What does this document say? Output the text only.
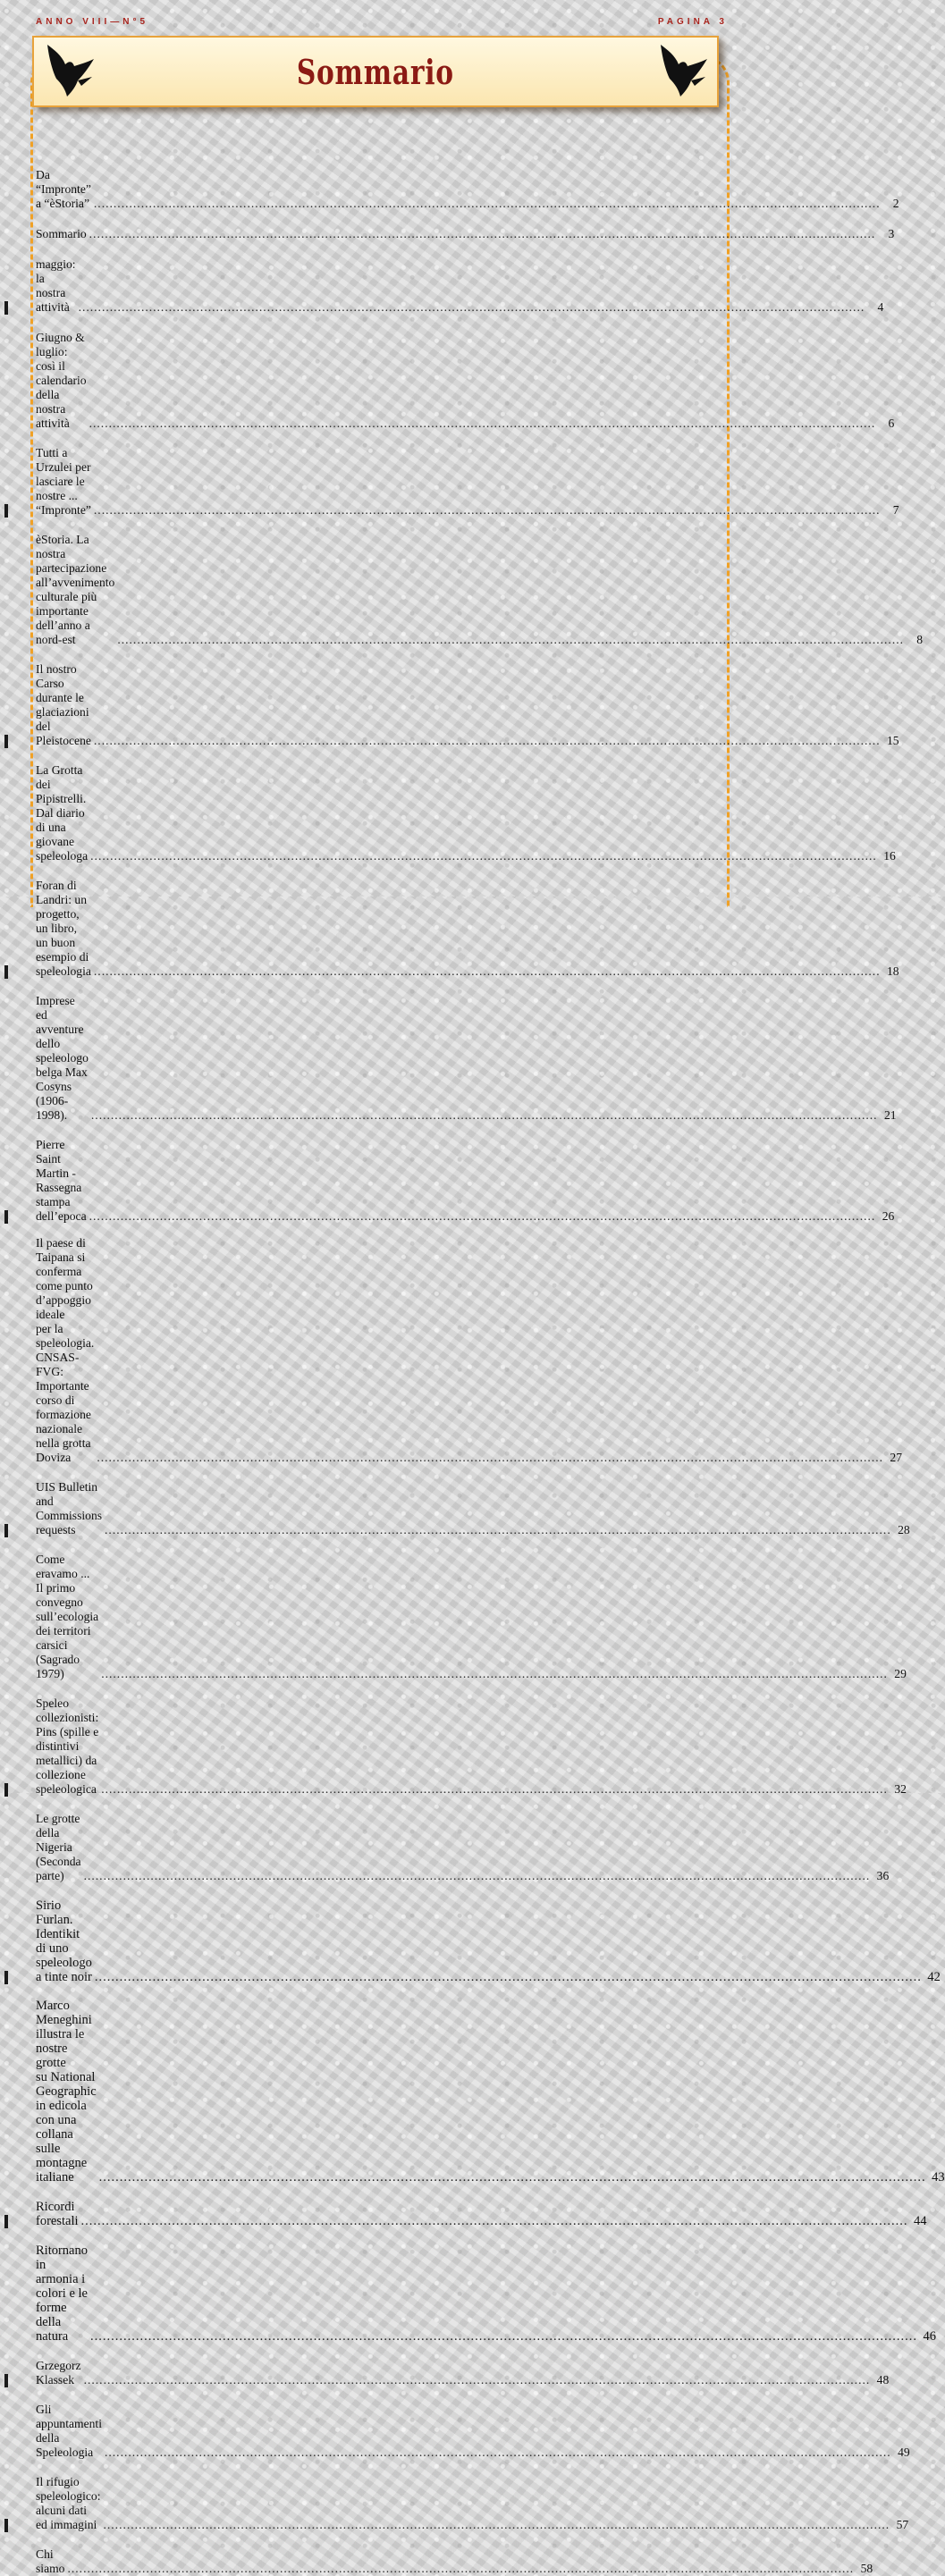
ANNO VIII—N°5	PAGINA 3
Sommario
Da “Impronte” a “èStoria” ........................................................................................................................................................................................................	2
Sommario ........................................................................................................................................................................................................	3
maggio: la nostra attività ........................................................................................................................................................................................................	4
Giugno & luglio: così il calendario della nostra attività	........................................................................................................................................................................................................	6
Tutti a Urzulei per lasciare le nostre ... “Impronte” ........................................................................................................................................................................................................	7
èStoria. La nostra partecipazione all’avvenimento culturale più importante dell’anno a nord-est	........................................................................................................................................................................................................	8
Il nostro Carso durante le glaciazioni del Pleistocene ........................................................................................................................................................................................................ 15
La Grotta dei Pipistrelli. Dal diario di una giovane speleologa ........................................................................................................................................................................................................ 16
Foran di Landri: un progetto, un libro, un buon esempio di speleologia ........................................................................................................................................................................................................ 18
Imprese ed avventure dello speleologo belga Max Cosyns (1906-1998).	........................................................................................................................................................................................................ 21
Pierre Saint Martin - Rassegna stampa dell’epoca ........................................................................................................................................................................................................ 26
Il paese di Taipana si conferma come punto d’appoggio ideale
per la speleologia. CNSAS-FVG: Importante corso di formazione nazionale nella grotta Doviza	........................................................................................................................................................................................................ 27
UIS Bulletin and Commissions requests	........................................................................................................................................................................................................ 28
Come eravamo ... Il primo convegno sull’ecologia dei territori carsici (Sagrado 1979)	........................................................................................................................................................................................................ 29
Speleo collezionisti: Pins (spille e distintivi metallici) da collezione speleologica ........................................................................................................................................................................................................ 32
Le grotte della Nigeria (Seconda parte)	........................................................................................................................................................................................................ 36
Sirio Furlan. Identikit di uno speleologo a tinte noir ........................................................................................................................................................................................................ 42
Marco Meneghini illustra le nostre grotte
su National Geographic in edicola con una collana sulle montagne italiane	........................................................................................................................................................................................................ 43
Ricordi forestali ........................................................................................................................................................................................................ 44
Ritornano in armonia i colori e le forme della natura	........................................................................................................................................................................................................ 46
Grzegorz Klassek ........................................................................................................................................................................................................ 48
Gli appuntamenti della Speleologia ........................................................................................................................................................................................................ 49
Il rifugio speleologico: alcuni dati ed immagini ........................................................................................................................................................................................................ 57
Chi siamo ........................................................................................................................................................................................................ 58
